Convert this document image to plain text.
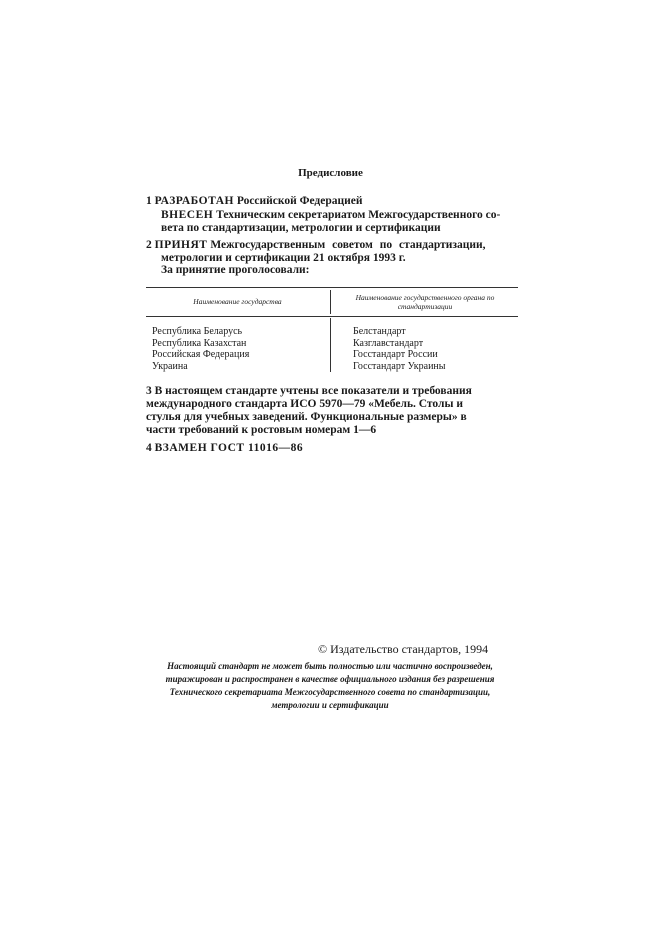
Предисловие
1 РАЗРАБОТАН Российской Федерацией
ВНЕСЕН Техническим секретариатом Межгосударственного со-
вета по стандартизации, метрологии и сертификации
2 ПРИНЯТ Межгосударственным советом по стандартизации,
метрологии и сертификации 21 октября 1993 г.
За принятие проголосовали:
Наименование государства	Наименование государственного органа по стандартизации
Республика Беларусь
Республика Казахстан
Российская Федерация
Украина
Белстандарт
Казглавстандарт
Госстандарт России
Госстандарт Украины
3 В настоящем стандарте учтены все показатели и требования
международного стандарта ИСО 5970—79 «Мебель. Столы и
стулья для учебных заведений. Функциональные размеры» в
части требований к ростовым номерам 1—6
4 ВЗАМЕН ГОСТ 11016—86
© Издательство стандартов, 1994
Настоящий стандарт не может быть полностью или частично воспроизведен,
тиражирован и распространен в качестве официального издания без разрешения
Технического секретариата Межгосударственного совета по стандартизации,
метрологии и сертификации
